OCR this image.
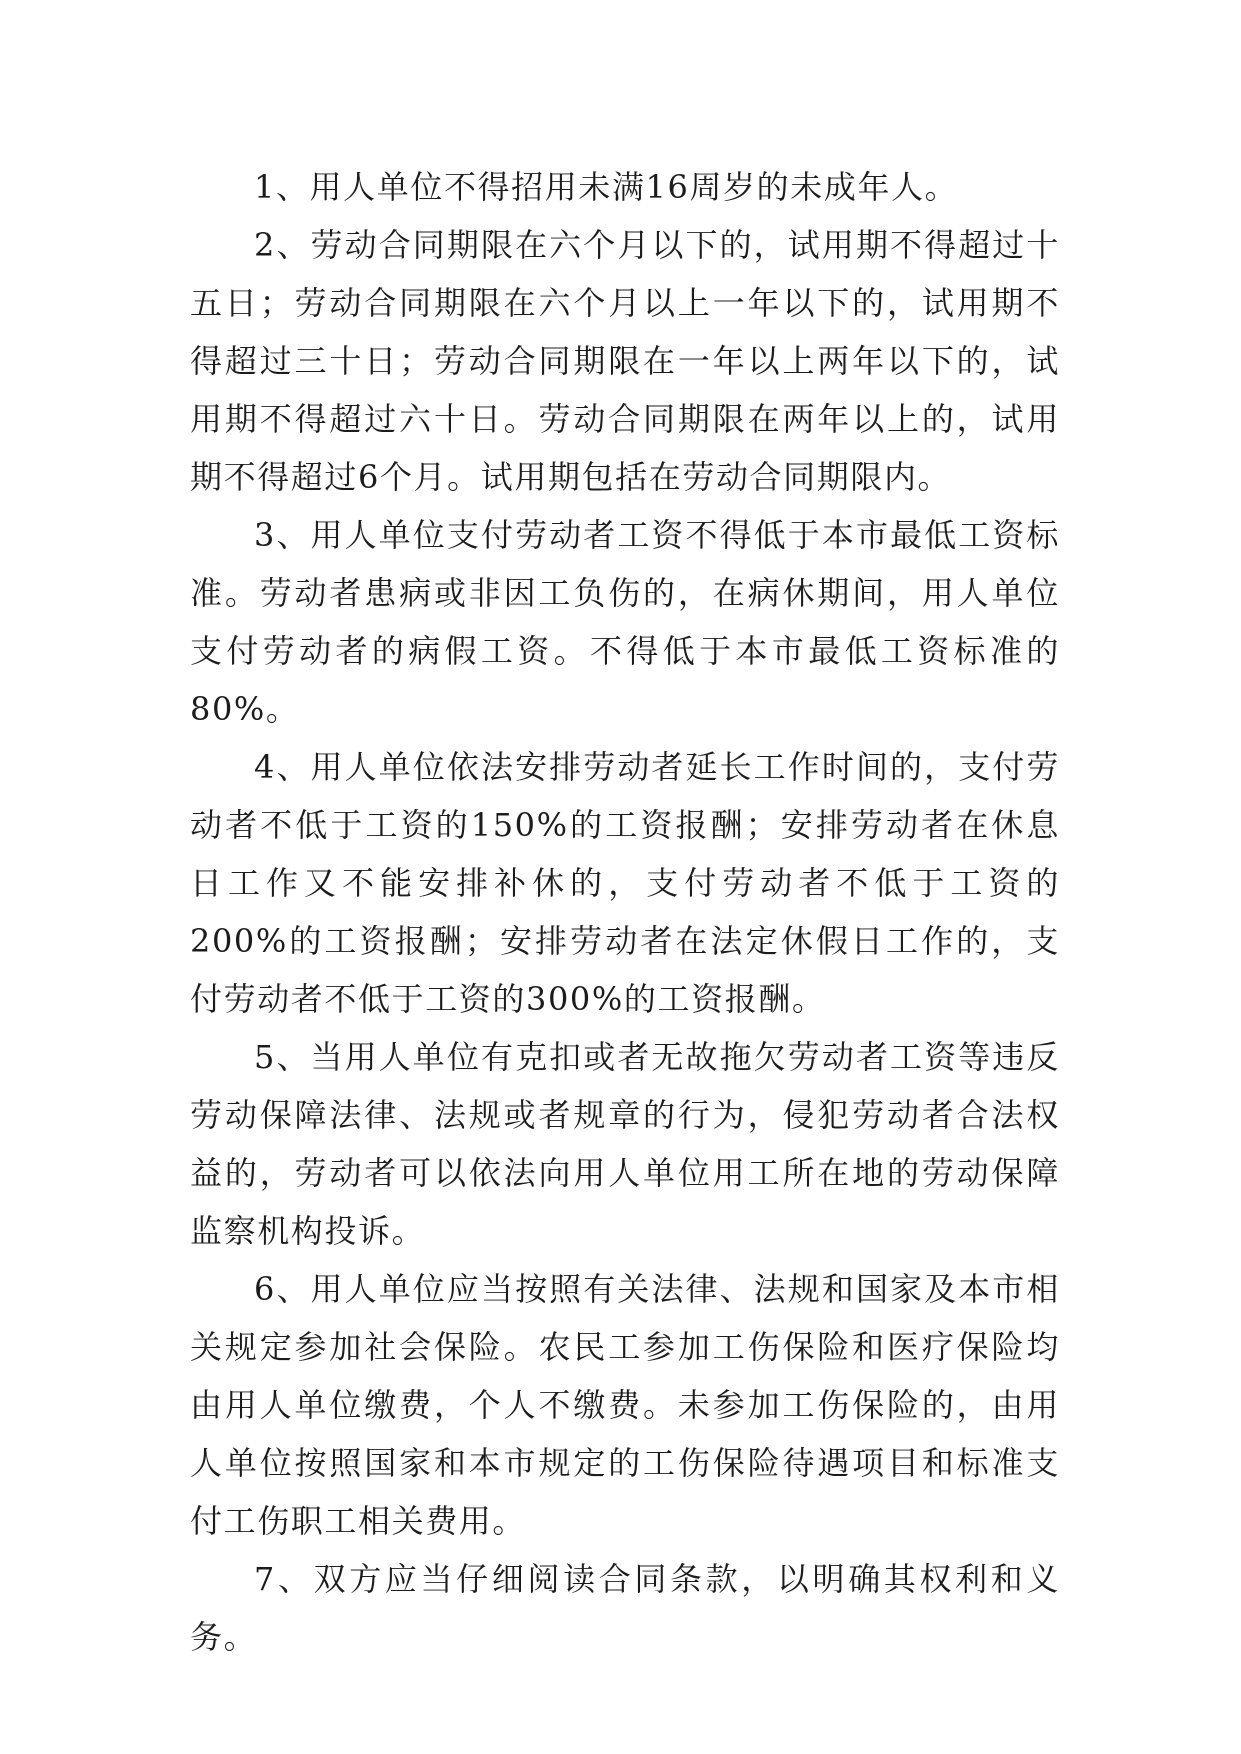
1、用人单位不得招用未满16周岁的未成年人。

2、劳动合同期限在六个月以下的，试用期不得超过十五日；劳动合同期限在六个月以上一年以下的，试用期不得超过三十日；劳动合同期限在一年以上两年以下的，试用期不得超过六十日。劳动合同期限在两年以上的，试用期不得超过6个月。试用期包括在劳动合同期限内。

3、用人单位支付劳动者工资不得低于本市最低工资标准。劳动者患病或非因工负伤的，在病休期间，用人单位支付劳动者的病假工资。不得低于本市最低工资标准的80%。

4、用人单位依法安排劳动者延长工作时间的，支付劳动者不低于工资的150%的工资报酬；安排劳动者在休息日工作又不能安排补休的，支付劳动者不低于工资的200%的工资报酬；安排劳动者在法定休假日工作的，支付劳动者不低于工资的300%的工资报酬。

5、当用人单位有克扣或者无故拖欠劳动者工资等违反劳动保障法律、法规或者规章的行为，侵犯劳动者合法权益的，劳动者可以依法向用人单位用工所在地的劳动保障监察机构投诉。

6、用人单位应当按照有关法律、法规和国家及本市相关规定参加社会保险。农民工参加工伤保险和医疗保险均由用人单位缴费，个人不缴费。未参加工伤保险的，由用人单位按照国家和本市规定的工伤保险待遇项目和标准支付工伤职工相关费用。

7、双方应当仔细阅读合同条款，以明确其权利和义务。
